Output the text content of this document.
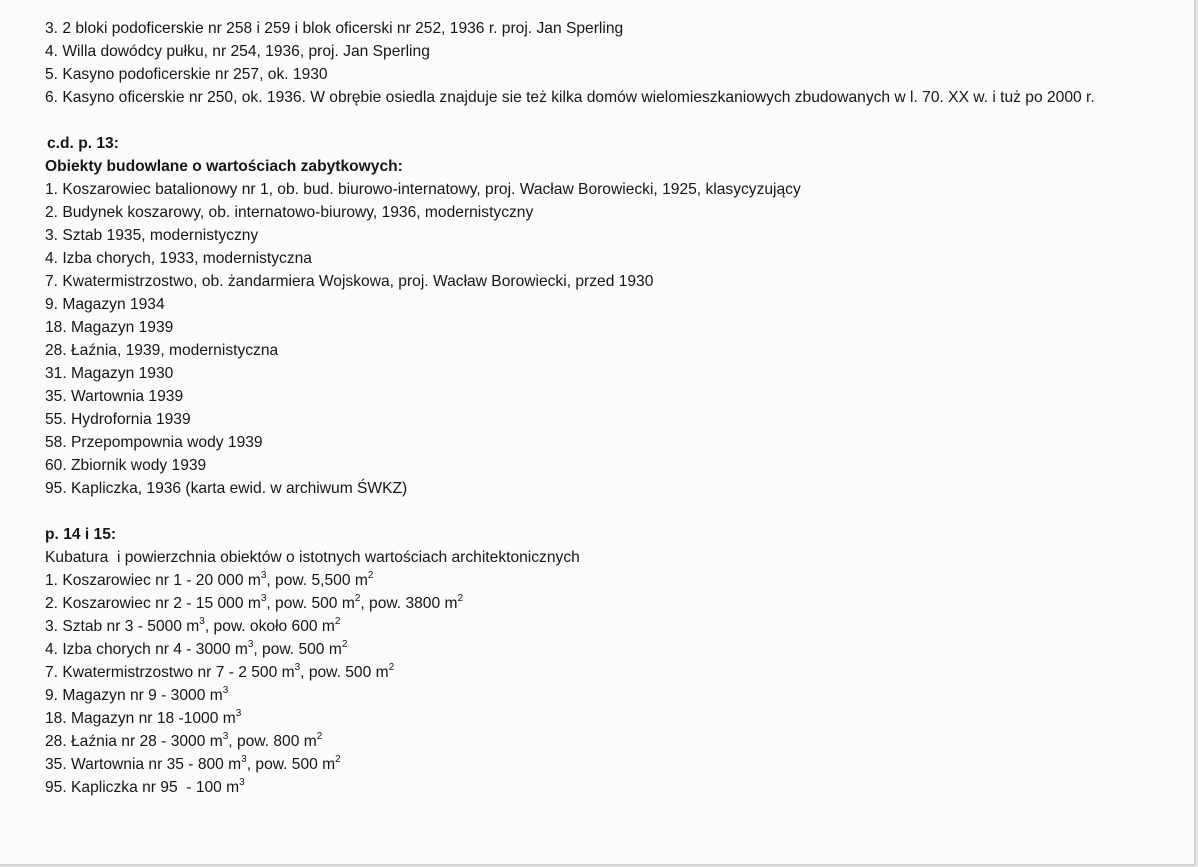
3. 2 bloki podoficerskie nr 258 i 259 i blok oficerski nr 252, 1936 r. proj. Jan Sperling
4. Willa dowódcy pułku, nr 254, 1936, proj. Jan Sperling
5. Kasyno podoficerskie nr 257, ok. 1930
6. Kasyno oficerskie nr 250, ok. 1936. W obrębie osiedla znajduje sie też kilka domów wielomieszkaniowych zbudowanych w l. 70. XX w. i tuż po 2000 r.
c.d. p. 13:
Obiekty budowlane o wartościach zabytkowych:
1. Koszarowiec batalionowy nr 1, ob. bud. biurowo-internatowy, proj. Wacław Borowiecki, 1925, klasycyzujący
2. Budynek koszarowy, ob. internatowo-biurowy, 1936, modernistyczny
3. Sztab 1935, modernistyczny
4. Izba chorych, 1933, modernistyczna
7. Kwatermistrzostwo, ob. żandarmiera Wojskowa, proj. Wacław Borowiecki, przed 1930
9. Magazyn 1934
18. Magazyn 1939
28. Łaźnia, 1939, modernistyczna
31. Magazyn 1930
35. Wartownia 1939
55. Hydrofornia 1939
58. Przepompownia wody 1939
60. Zbiornik wody 1939
95. Kapliczka, 1936 (karta ewid. w archiwum ŚWKZ)
p. 14 i 15:
Kubatura  i powierzchnia obiektów o istotnych wartościach architektonicznych
1. Koszarowiec nr 1 - 20 000 $m^3$, pow. 5,500 $m^2$
2. Koszarowiec nr 2 - 15 000 $m^3$, pow. 500 $m^2$, pow. 3800 $m^2$
3. Sztab nr 3 - 5000 $m^3$, pow. około 600 $m^2$
4. Izba chorych nr 4 - 3000 $m^3$, pow. 500 $m^2$
7. Kwatermistrzostwo nr 7 - 2 500 $m^3$, pow. 500 $m^2$
9. Magazyn nr 9 - 3000 $m^3$
18. Magazyn nr 18 -1000 $m^3$
28. Łaźnia nr 28 - 3000 $m^3$, pow. 800 $m^2$
35. Wartownia nr 35 - 800 $m^3$, pow. 500 $m^2$
95. Kapliczka nr 95  - 100 $m^3$
